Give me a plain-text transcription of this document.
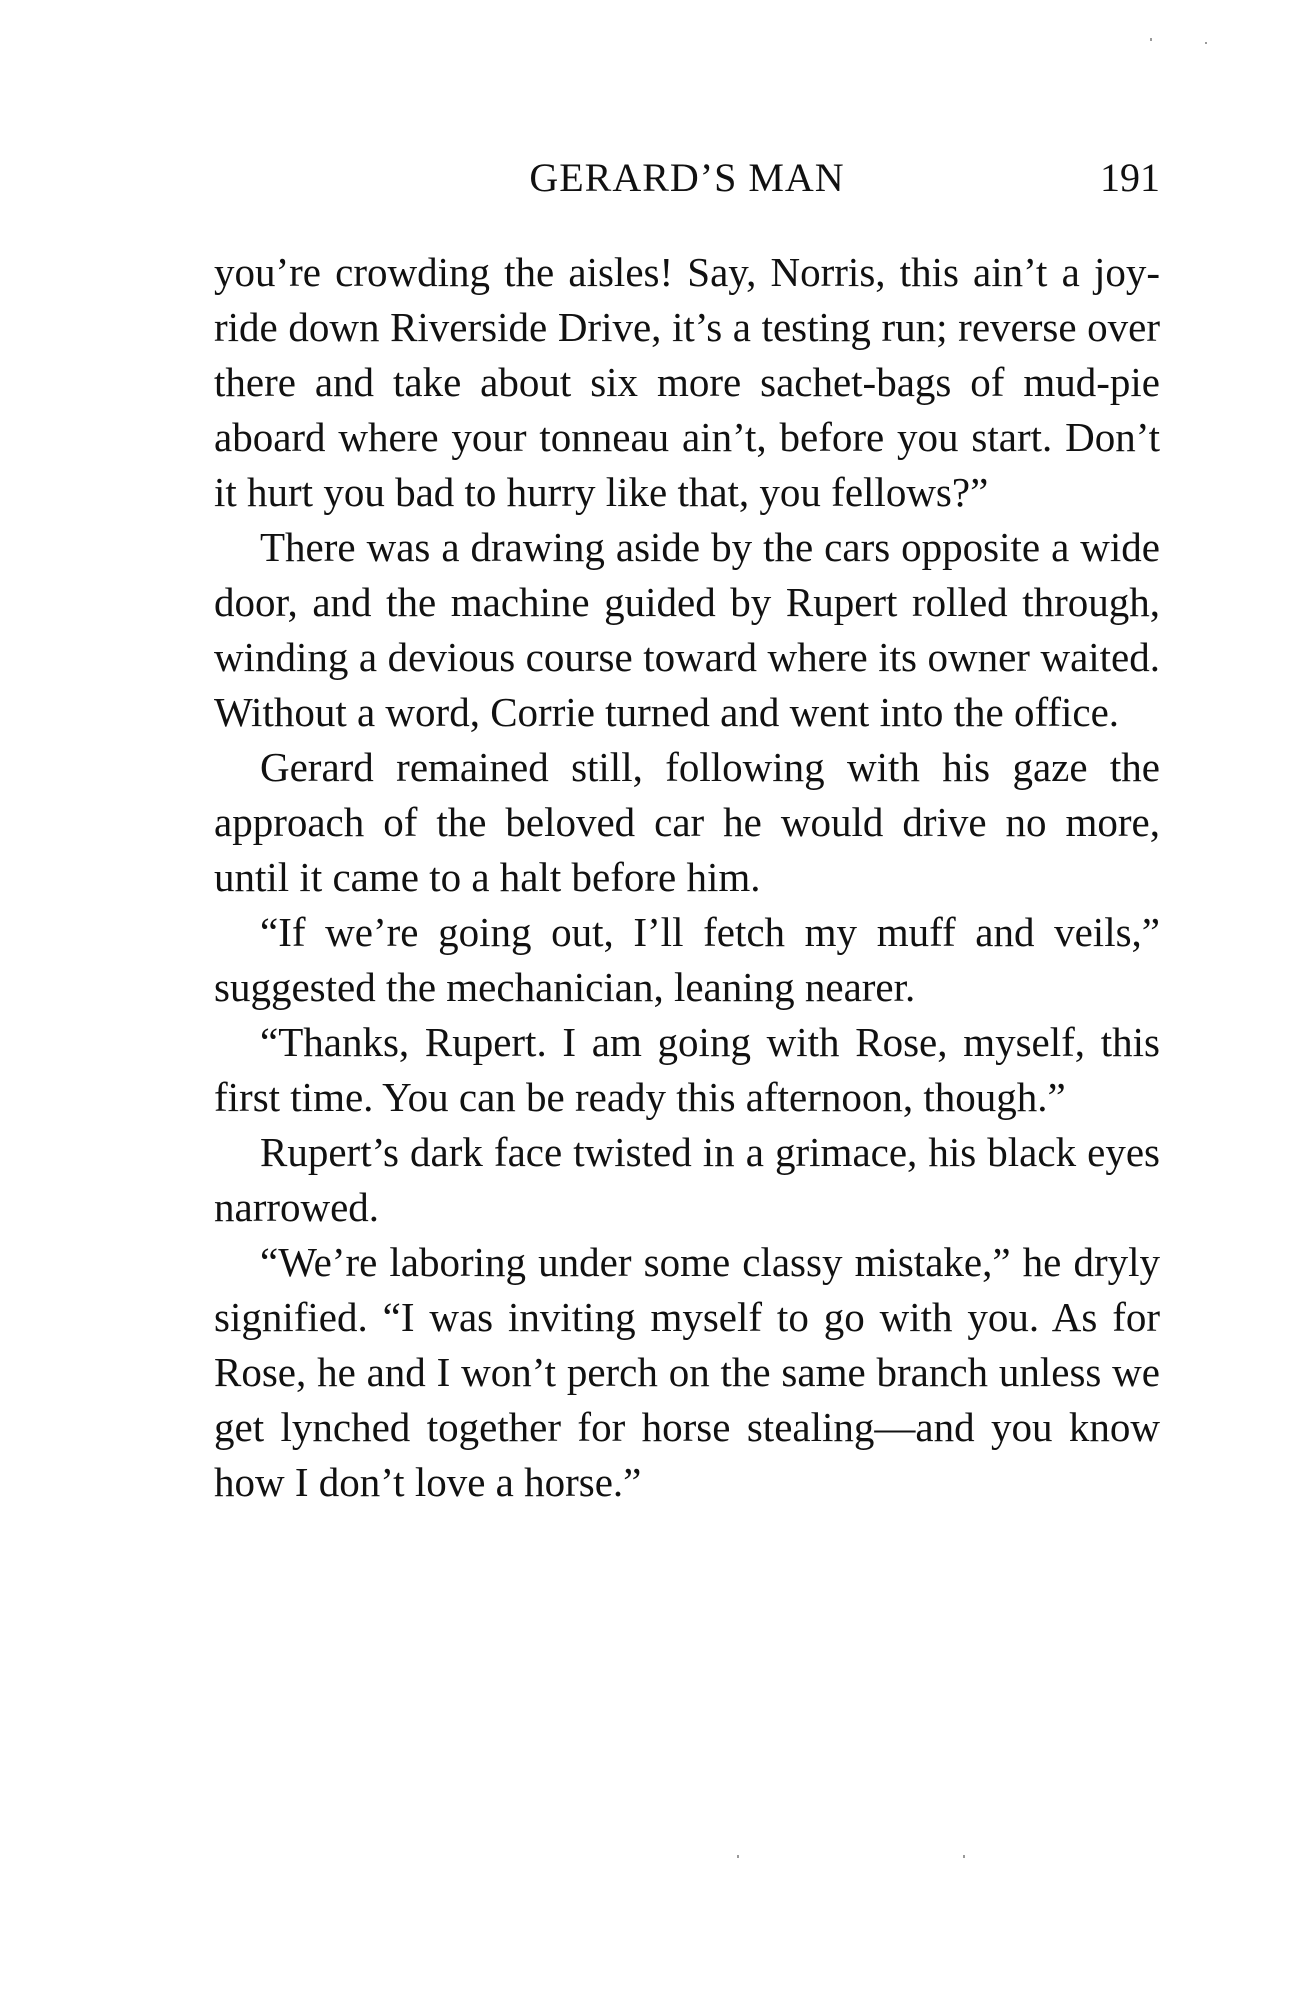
GERARD’S MAN	191

you’re crowding the aisles! Say, Norris, this ain’t a joy-ride down Riverside Drive, it’s a testing run; reverse over there and take about six more sachet-bags of mud-pie aboard where your tonneau ain’t, before you start. Don’t it hurt you bad to hurry like that, you fellows?”

There was a drawing aside by the cars opposite a wide door, and the machine guided by Rupert rolled through, winding a devious course toward where its owner waited. Without a word, Corrie turned and went into the office.

Gerard remained still, following with his gaze the approach of the beloved car he would drive no more, until it came to a halt before him.

“If we’re going out, I’ll fetch my muff and veils,” suggested the mechanician, leaning nearer.

“Thanks, Rupert. I am going with Rose, myself, this first time. You can be ready this afternoon, though.”

Rupert’s dark face twisted in a grimace, his black eyes narrowed.

“We’re laboring under some classy mistake,” he dryly signified. “I was inviting myself to go with you. As for Rose, he and I won’t perch on the same branch unless we get lynched together for horse stealing—and you know how I don’t love a horse.”
